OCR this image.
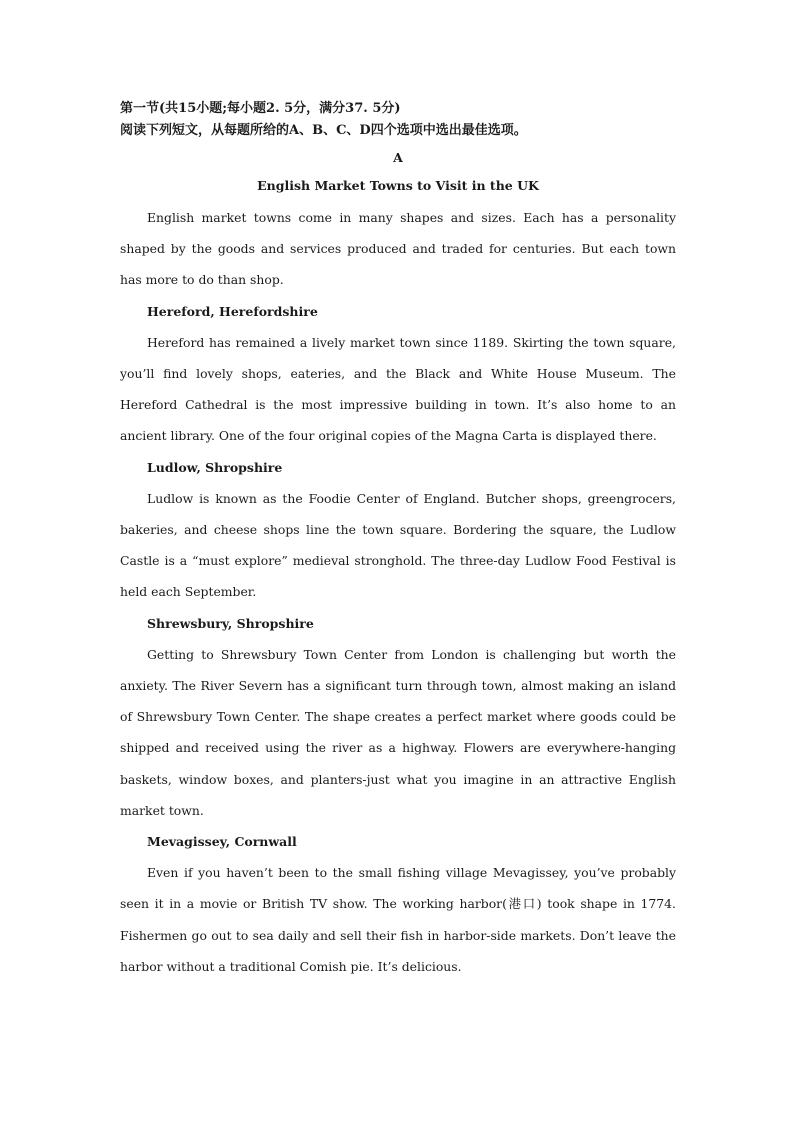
第一节(共15小题;每小题2. 5分，满分37. 5分)
阅读下列短文，从每题所给的A、B、C、D四个选项中选出最佳选项。
A
English Market Towns to Visit in the UK

English market towns come in many shapes and sizes. Each has a personality shaped by the goods and services produced and traded for centuries. But each town has more to do than shop.

Hereford, Herefordshire

Hereford has remained a lively market town since 1189. Skirting the town square, you’ll find lovely shops, eateries, and the Black and White House Museum. The Hereford Cathedral is the most impressive building in town. It’s also home to an ancient library. One of the four original copies of the Magna Carta is displayed there.

Ludlow, Shropshire

Ludlow is known as the Foodie Center of England. Butcher shops, greengrocers, bakeries, and cheese shops line the town square. Bordering the square, the Ludlow Castle is a “must explore” medieval stronghold. The three-day Ludlow Food Festival is held each September.

Shrewsbury, Shropshire

Getting to Shrewsbury Town Center from London is challenging but worth the anxiety. The River Severn has a significant turn through town, almost making an island of Shrewsbury Town Center. The shape creates a perfect market where goods could be shipped and received using the river as a highway. Flowers are everywhere-hanging baskets, window boxes, and planters-just what you imagine in an attractive English market town.

Mevagissey, Cornwall

Even if you haven’t been to the small fishing village Mevagissey, you’ve probably seen it in a movie or British TV show. The working harbor(港口) took shape in 1774. Fishermen go out to sea daily and sell their fish in harbor-side markets. Don’t leave the harbor without a traditional Comish pie. It’s delicious.
